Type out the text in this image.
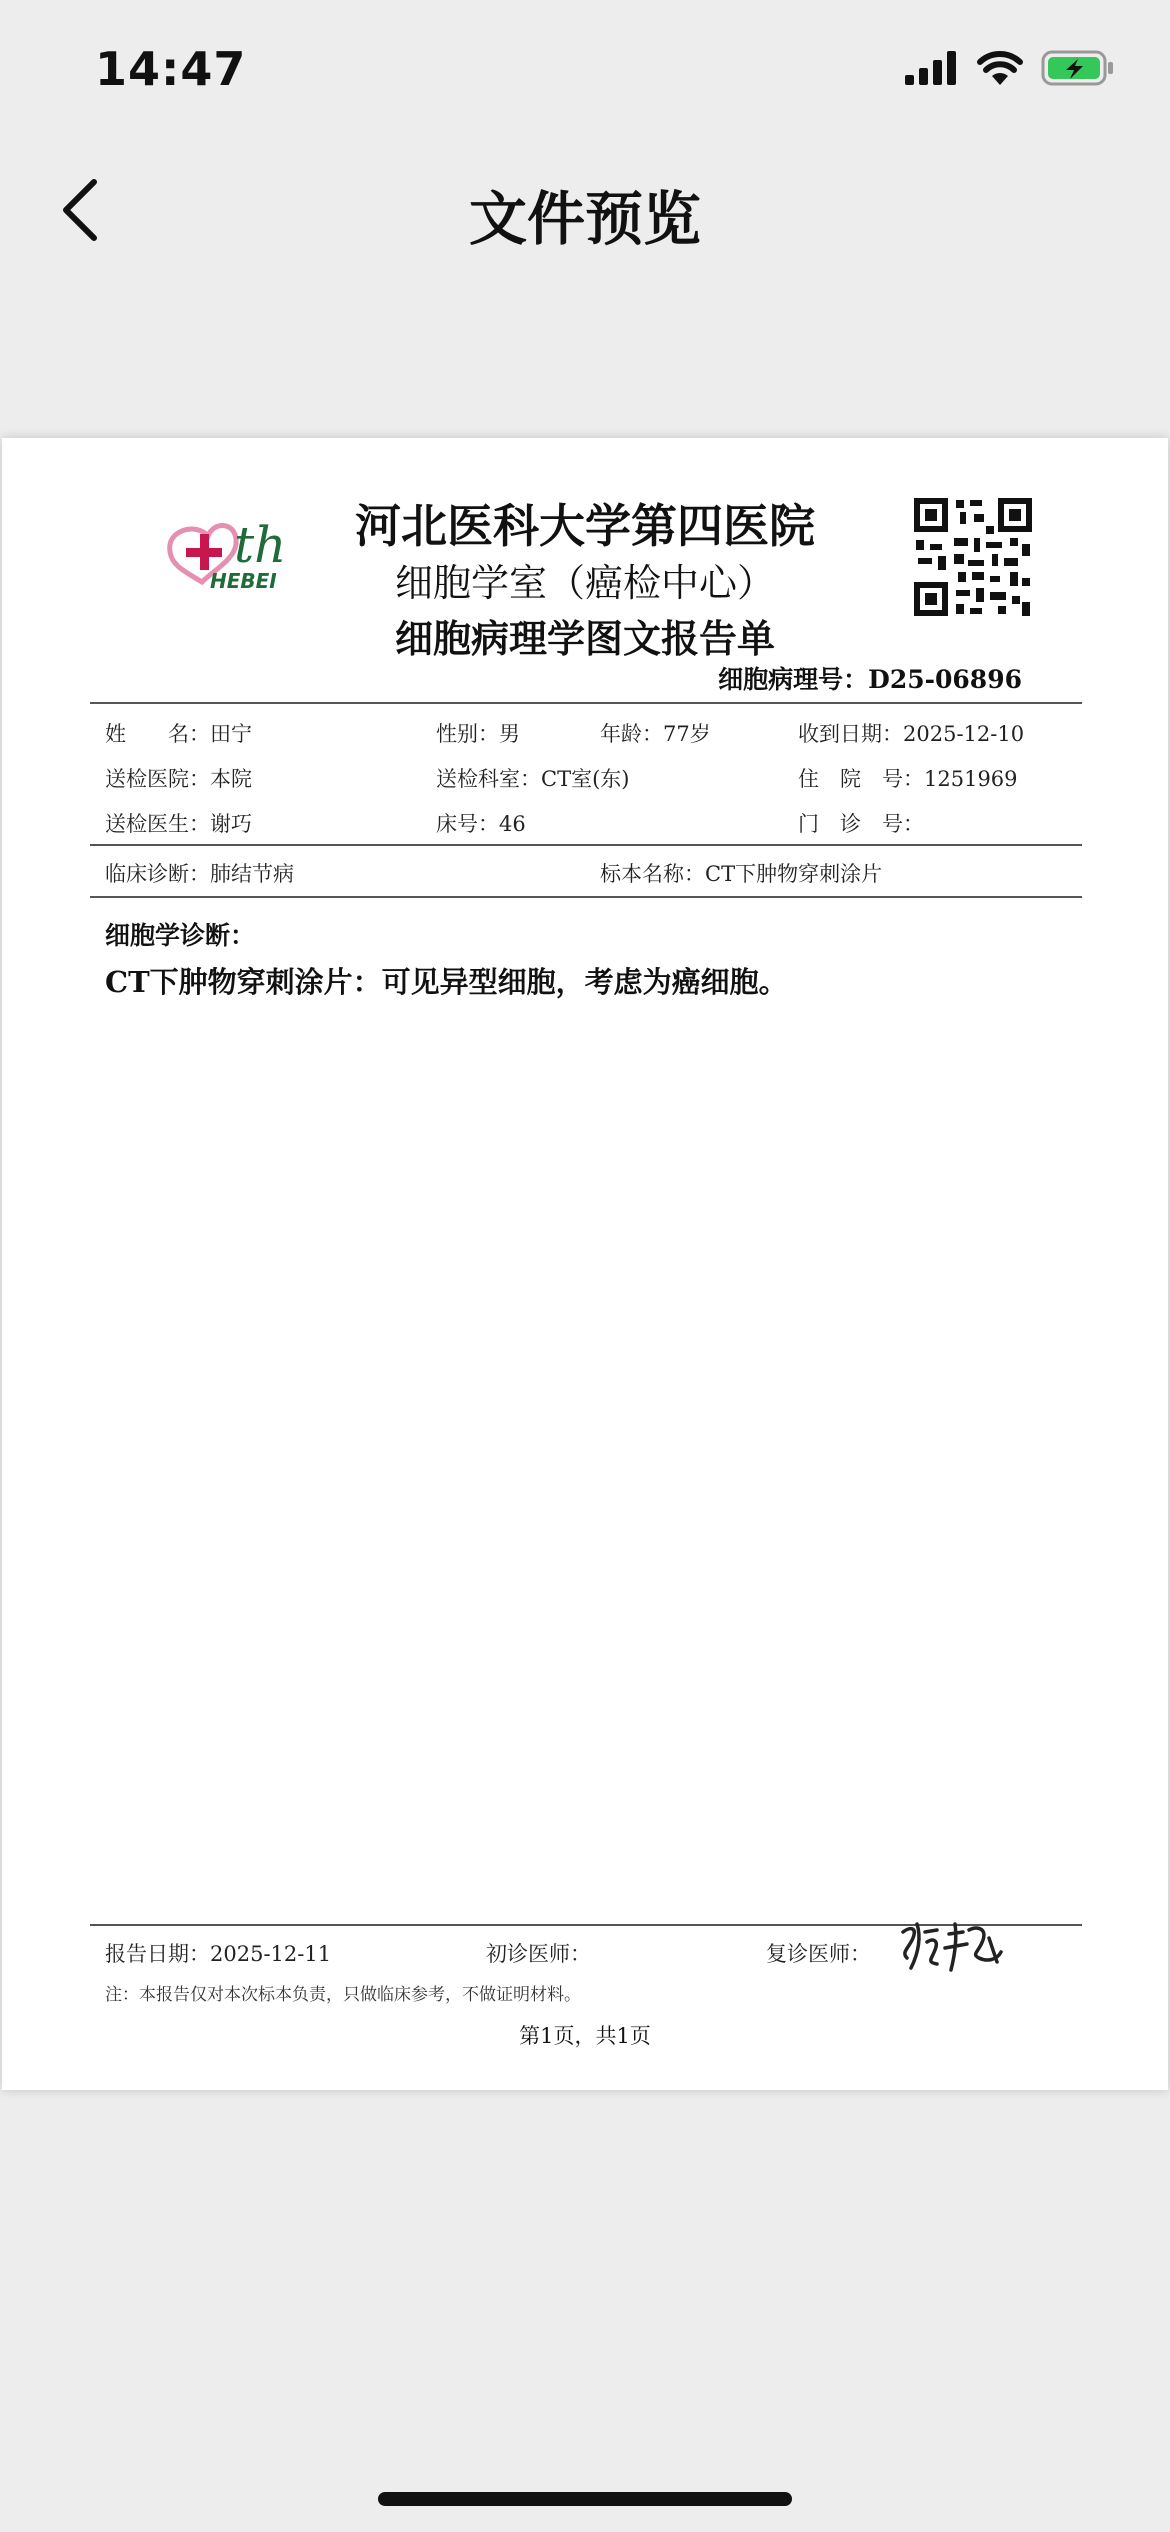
14:47
文件预览
th
HEBEI
河北医科大学第四医院
细胞学室（癌检中心）
细胞病理学图文报告单
细胞病理号：D25-06896
姓　　名：田宁	性别：男	年龄：77岁	收到日期：2025-12-10
送检医院：本院	送检科室：CT室(东)	住　院　号：1251969
送检医生：谢巧	床号：46	门　诊　号：
临床诊断：肺结节病	标本名称：CT下肿物穿刺涂片
细胞学诊断：
CT下肿物穿刺涂片：可见异型细胞，考虑为癌细胞。
报告日期：2025-12-11	初诊医师：	复诊医师：
注：本报告仅对本次标本负责，只做临床参考，不做证明材料。
第1页，共1页
